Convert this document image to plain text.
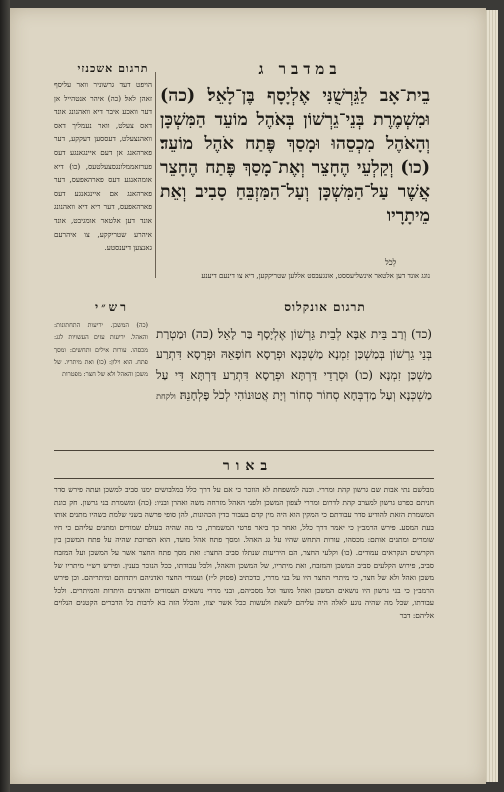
תרגום אשכנזי	במדבר ג
הויפט דעד גרשוניר וואר עליסף זאהן לאל׃ (כה) איהר אנטהייל אן דער וואכע איבר דיא וואהנונג אונד דאס צעלט, וואר נעמליך דאס וואהנצעלט, דעססען דעקקע, דער פארהאנג אן דעם איינגאנגע דעס פערזאממלונגסצעלטעס, (כו) דיא אומהאנגע דעס פארהאפעס, דער פארהאנג אם איינגאנגע דעס פארהאפעס, דער ריא דיא וואהנונג אונד דען אלטאר אומגיבט, אונד איהרע שטריקקע, צו איהרעם גאנצען דיענסטע.
בֵית־אָב לַגֵּרְשֻׁנִּי אֶלְיָסָף בֶּן־לָאֵל׃ (כה) וּמִשְׁמֶרֶת בְּנֵי־גֵרְשׁוֹן בְּאֹהֶל מוֹעֵד הַמִּשְׁכָּן וְהָאֹהֶל מִכְסֵהוּ וּמָסַךְ פֶּתַח אֹהֶל מוֹעֵד׃ (כו) וְקַלְעֵי הֶחָצֵר וְאֶת־מָסַךְ פֶּתַח הֶחָצֵר אֲשֶׁר עַל־הַמִּשְׁכָּן וְעַל־הַמִּזְבֵּחַ סָבִיב וְאֵת מֵיתָרָיו
לְכֹל
נוגג אונד דען אלטאר אינשליעססט, אונגעבסט אללען שטריקקען, דיא צו דינעם דיענע
רש״י	תרגום אונקלוס
(כה) המשכן. יריעות התחתונות: והאהל. יריעות עזים העשויות לגג: מכסהו. עורות אילים ותחשים: ומסך פתח. הוא וילון: (כו) ואת מיתריו. של משכן והאהל ולא של חצר: מפטרות
(כד) וְרַב בֵּית אַבָּא לְבֵית גֵּרְשׁוֹן אֶלְיָסָף בַּר לָאֵל׃ (כה) וּמַטְרַת בְּנֵי גֵרְשׁוֹן בְּמַשְׁכַּן זִמְנָא מַשְׁכְּנָא וּפְרָסָא חוֹפָאֵהּ וּפְרָסָא דִּתְרַע מַשְׁכַּן זִמְנָא׃ (כו) וּסְרָדֵי דַּרְתָּא וּפְרָסָא דִּתְרַע דַּרְתָּא דִּי עַל מַשְׁכְּנָא וְעַל מַדְבְּחָא סְחוֹר סְחוֹר וְיָת אֲטוּנוֹהִי לְכֹל פָּלְחָנֵהּ׃ ולקחת
באור
מבלשם נתי אבות שם גרשון קהת ומררי. וכנה למשפחת לא הוזכר כי אם על דרך כלל במלבושים ימנו סביב למשכן ועתה פירש סדר חניתם כפרט גרשון למערב קהת לדרום ומררי לצפון המשכן ולפני האהל מזרחה משה ואהרן ובניו: (כה) ומשמרת בני גרשון. חק כונת המשמרת הזאת להודיע סדר עבודתם כי המקין הוא היה מין קדם בעבור כדין הכהונות, להן סופי פרשה בשני שלמת כשהיו מתנים אותו בעת המסע. פירש הרמב״ן כי יאמר דרך כלל, ואחר כך ביאר פרטי המשמרת, כי מה שהיה בעולם שמורים ומתנים עליהם כי חיו שומרים ומתנים אותם: מכסהו, עורות התחש שהיו על גג האהל. ומסך פתח אהל מועד, הוא הפרוכת שהיה על פתח המשכן בין הקרשים הנקראים עמודים. (כו) וקלעי החצר, הם היריעות שנתלו סביב החצר: ואת מסך פתח החצר אשר על המשכן ועל המזבח סביב, פירוש הקלעים סביב המשכן והמזבח, ואת מיתריו, של המשכן והאהל, ולכל עבודתו, ככל הנזכר בענין. ופירש רש״י מיתריו של משכן ואהל ולא של חצר, כי מיתרי החצר היו על בני מררי, כדכתיב (פסוק ל״ז) ועמודי החצר ואדניהם ויתדותם ומיתריהם. וכן פירש הרמב״ן כי בני גרשון היו נושאים המשכן ואהל מועד וכל מסכיהם, ובני מררי נושאים העמודים והאדנים היתדות והמיתרים. ולכל עבודתו, שכל מה שהיה נוגע לאלה היה עליהם לשאת ולעשות ככל אשר יצוו, והכלל הזה בא לרבות כל הדברים הקטנים הנלוים אליהם: דבר
